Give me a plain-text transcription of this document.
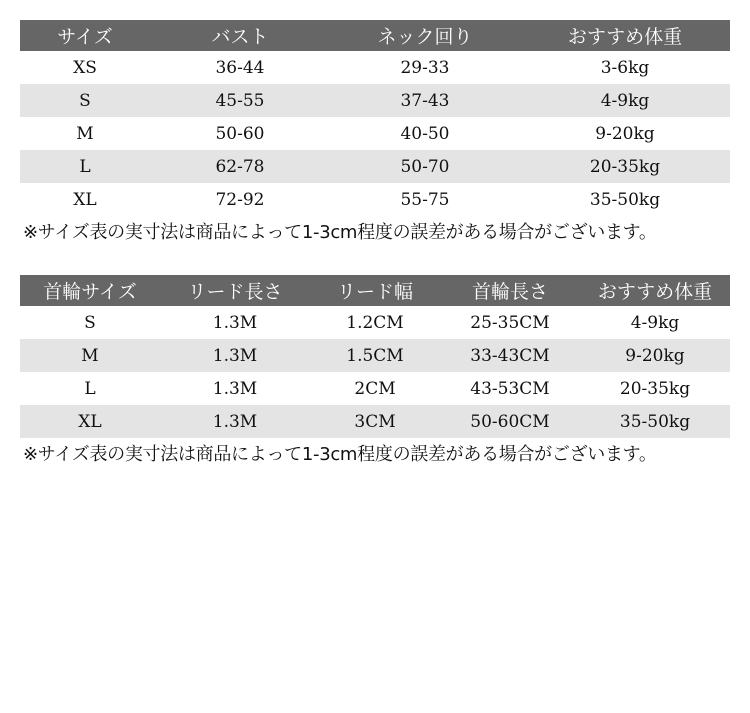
サイズ	バスト	ネック回り	おすすめ体重
XS	36-44	29-33	3-6kg
S	45-55	37-43	4-9kg
M	50-60	40-50	9-20kg
L	62-78	50-70	20-35kg
XL	72-92	55-75	35-50kg
※サイズ表の実寸法は商品によって1-3cm程度の誤差がある場合がございます。
首輪サイズ	リード長さ	リード幅	首輪長さ	おすすめ体重
S	1.3M	1.2CM	25-35CM	4-9kg
M	1.3M	1.5CM	33-43CM	9-20kg
L	1.3M	2CM	43-53CM	20-35kg
XL	1.3M	3CM	50-60CM	35-50kg
※サイズ表の実寸法は商品によって1-3cm程度の誤差がある場合がございます。
